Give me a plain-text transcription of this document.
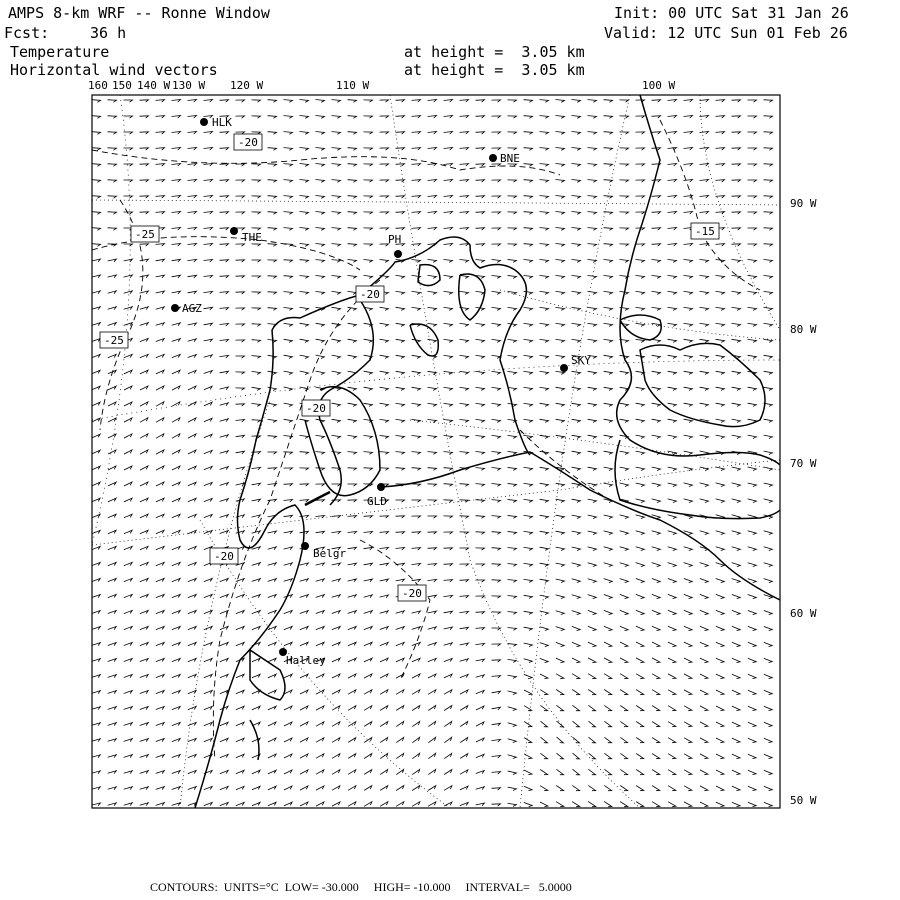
AMPS 8-km WRF -- Ronne Window
Fcst:	36 h
Temperature
Horizontal wind vectors
Init: 00 UTC Sat 31 Jan 26
Valid: 12 UTC Sun 01 Feb 26
at height =  3.05 km
at height =  3.05 km
160 150 140 W 130 W 120 W	110 W	100 W
90 W
80 W
70 W
60 W
50 W
-20
-25	-15
-20
-25
-20
-20
-20
HLK
BNE
THE	PH
AGZ
SKY
GLD
Belgr
Halley
CONTOURS:  UNITS=°C  LOW= -30.000     HIGH= -10.000     INTERVAL=   5.0000
